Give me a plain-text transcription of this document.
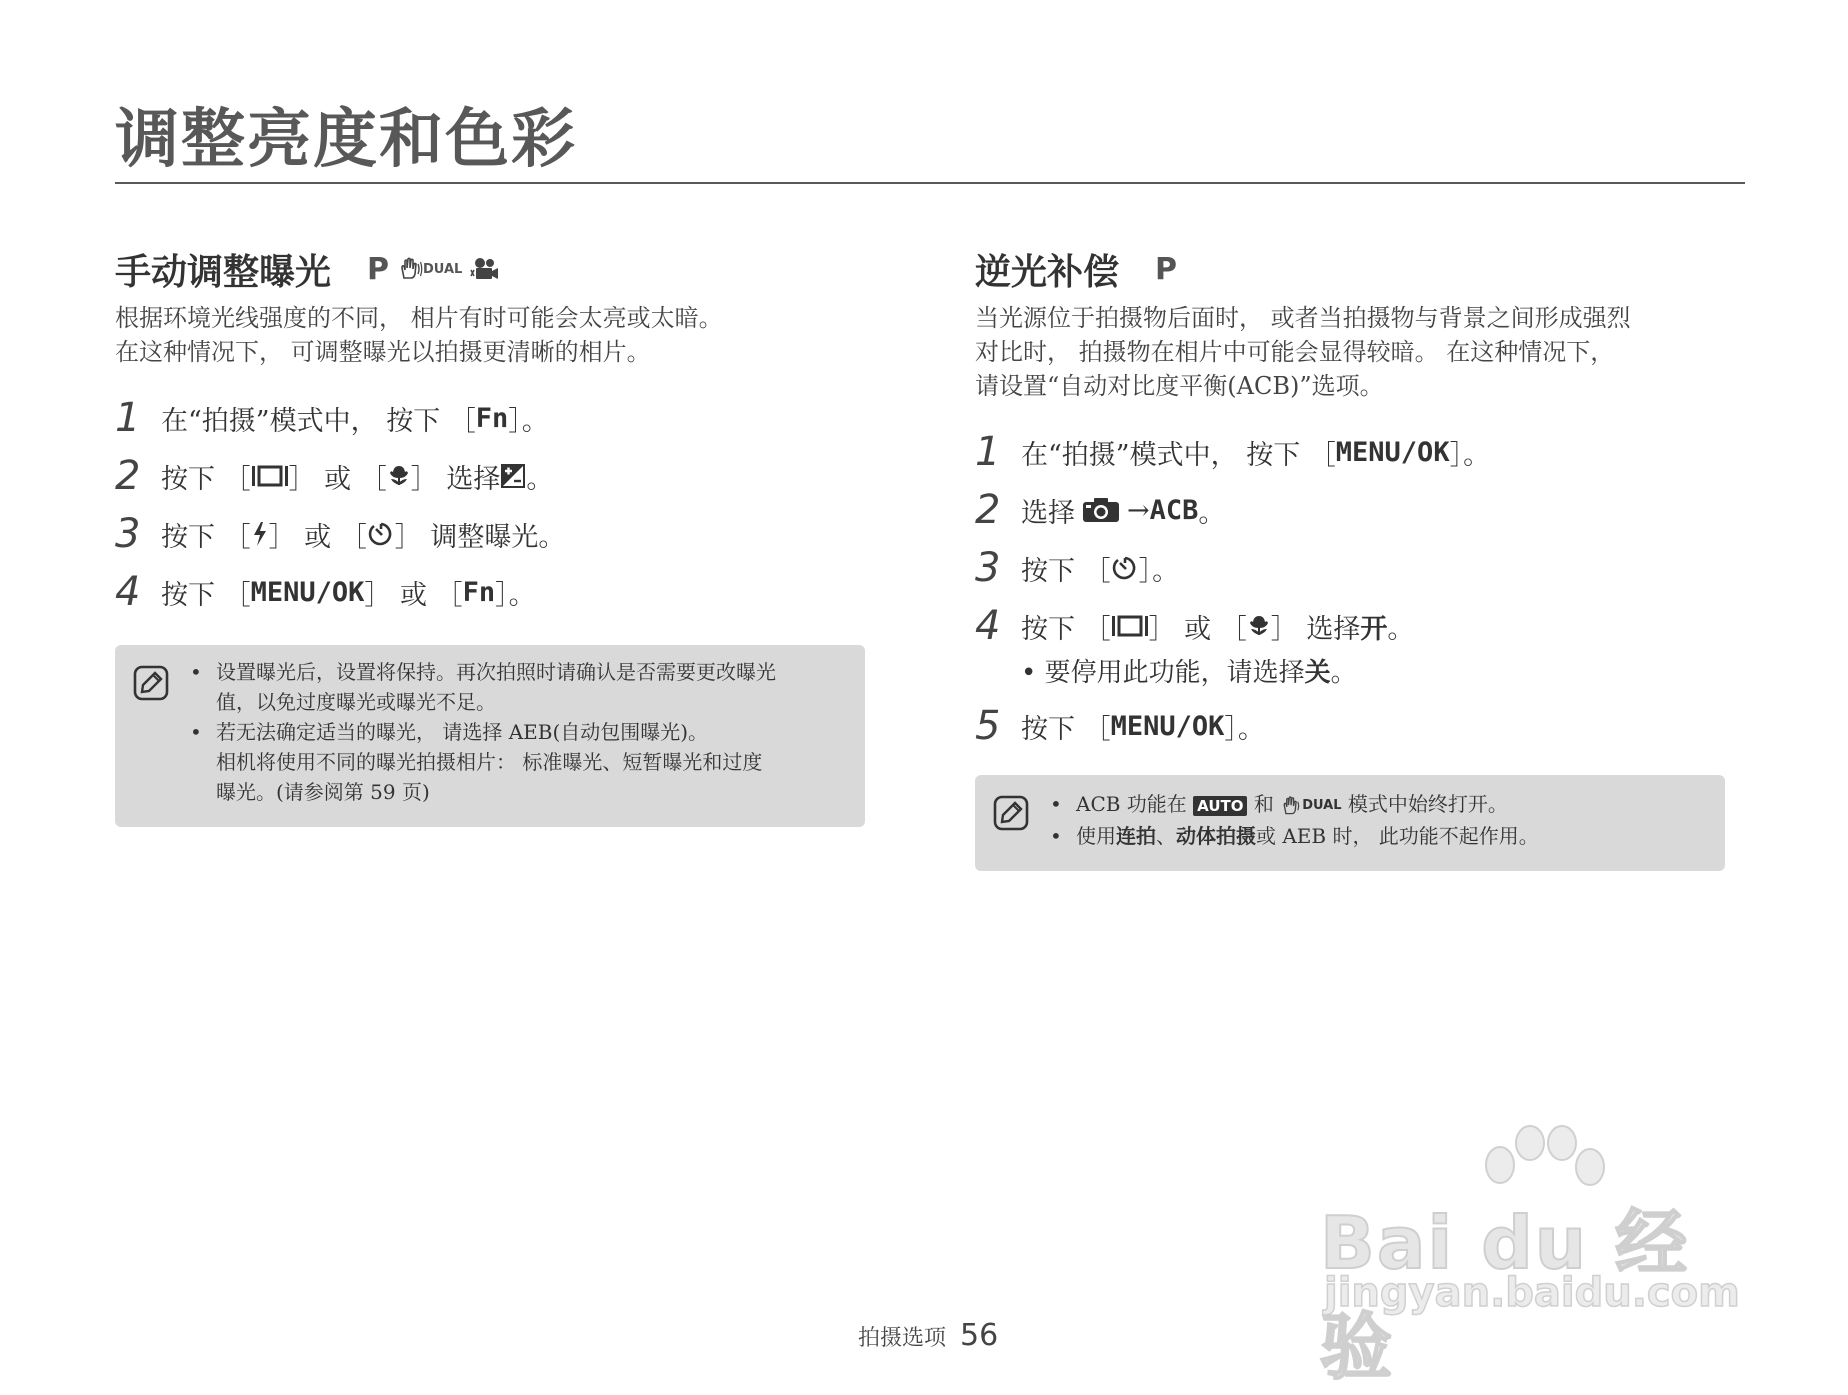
调整亮度和色彩
手动调整曝光 P	DUAL

根据环境光线强度的不同， 相片有时可能会太亮或太暗。

在这种情况下， 可调整曝光以拍摄更清晰的相片。

1 在“拍摄”模式中， 按下 ［ Fn ］。
2 按下 ［ ］ 或 ［ ］ 选择 。
3 按下 ［ ］ 或 ［ ］ 调整曝光。
4 按下 ［ MENU/OK ］ 或 ［ Fn ］。
• 设置曝光后，设置将保持。再次拍照时请确认是否需要更改曝光
值，以免过度曝光或曝光不足。
• 若无法确定适当的曝光， 请选择 AEB(自动包围曝光)。
相机将使用不同的曝光拍摄相片： 标准曝光、短暂曝光和过度
曝光。(请参阅第 59 页)
逆光补偿 P

当光源位于拍摄物后面时， 或者当拍摄物与背景之间形成强烈

对比时， 拍摄物在相片中可能会显得较暗。 在这种情况下，

请设置“自动对比度平衡(ACB)”选项。

1 在“拍摄”模式中， 按下 ［ MENU/OK ］。
2 选择 → ACB 。
3 按下 ［ ］。
4 按下 ［ ］ 或 ［ ］ 选择 开 。

• 要停用此功能，请选择关。

5 按下 ［ MENU/OK ］。
• ACB 功能在 AUTO 和 DUAL 模式中始终打开。
• 使用连拍、动体拍摄或 AEB 时， 此功能不起作用。
拍摄选项 56
Bai du 经验
jingyan.baidu.com
